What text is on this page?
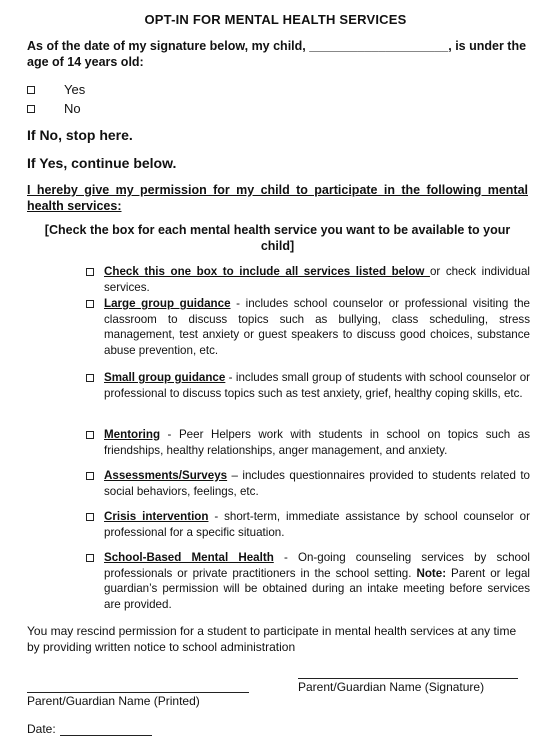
OPT-IN FOR MENTAL HEALTH SERVICES
As of the date of my signature below, my child, ____________________, is under the age of 14 years old:
Yes
No
If No, stop here.
If Yes, continue below.
I hereby give my permission for my child to participate in the following mental health services:
[Check the box for each mental health service you want to be available to your child]
Check this one box to include all services listed below or check individual services.
Large group guidance - includes school counselor or professional visiting the classroom to discuss topics such as bullying, class scheduling, stress management, test anxiety or guest speakers to discuss good choices, substance abuse prevention, etc.
Small group guidance - includes small group of students with school counselor or professional to discuss topics such as test anxiety, grief, healthy coping skills, etc.
Mentoring - Peer Helpers work with students in school on topics such as friendships, healthy relationships, anger management, and anxiety.
Assessments/Surveys – includes questionnaires provided to students related to social behaviors, feelings, etc.
Crisis intervention - short-term, immediate assistance by school counselor or professional for a specific situation.
School-Based Mental Health - On-going counseling services by school professionals or private practitioners in the school setting. Note: Parent or legal guardian’s permission will be obtained during an intake meeting before services are provided.
You may rescind permission for a student to participate in mental health services at any time by providing written notice to school administration
Parent/Guardian Name (Signature)
Parent/Guardian Name (Printed)
Date:
